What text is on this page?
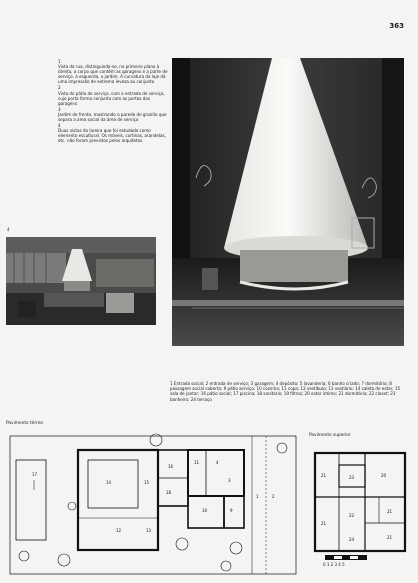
363
1
Vista da rua, distinguindo-se, no primeiro plano à direita, o corpo que contém as garagens e a parte de serviço, à esquerda, o jardim. A curvatura da laje dá uma impressão de extrema leveza ao conjunto
2
Vista do pátio de serviço, com a entrada de serviço, cujo porta forma conjunto com as portas das garagens
3
Jardim de frente, mostrando a parede de granito que separa a área social da área de serviço
4
Duas vistas da lareira que foi estudada como elemento escultural. Os móveis, cortinas, arandelas, etc. não foram previstos pelos arquitetos
4
1 Entrada social; 2 entrada de serviço; 3 garagem; 4 depósito; 5 lavanderia; 6 banho criado; 7 dormitório; 8 passagem social coberta; 9 pátio serviço; 10 cozinha; 11 copa; 12 vestíbulo; 13 vestiário; 14 saleta de estar; 15 sala de jantar; 16 pátio social; 17 piscina; 18 sanitário; 19 filtros; 20 estar íntimo; 21 dormitório; 22 closet; 23 banheiro; 24 terraço
Pavimento térreo
17
14	15
16
11	4
3
10	9
12	13
18
1	2
Pavimento superior
21	23	20
21
22
21
24	21
0 1 2 3 4 5
